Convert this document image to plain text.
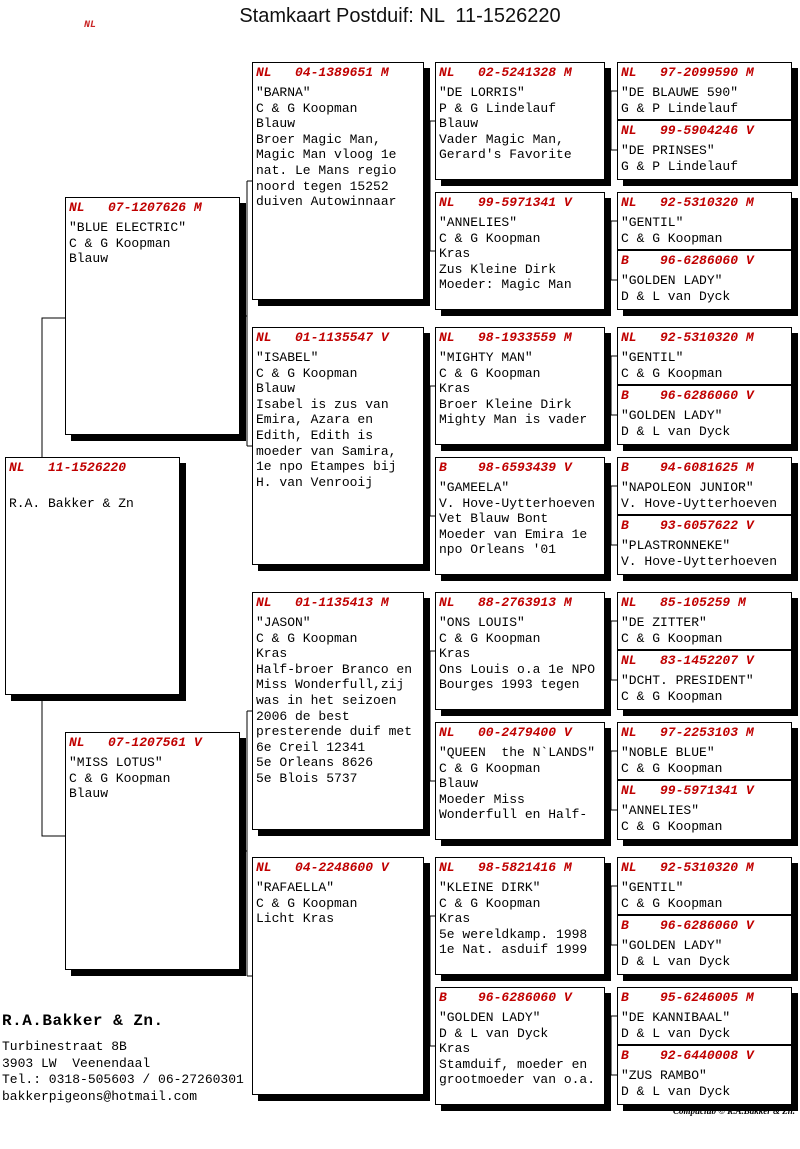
Stamkaart Postduif: NL  11-1526220
NL
NL   11-1526220
R.A. Bakker & Zn
NL   07-1207626 M
"BLUE ELECTRIC"
C & G Koopman
Blauw
NL   07-1207561 V
"MISS LOTUS"
C & G Koopman
Blauw
NL   04-1389651 M
"BARNA"
C & G Koopman
Blauw
Broer Magic Man,
Magic Man vloog 1e
nat. Le Mans regio
noord tegen 15252
duiven Autowinnaar
NL   01-1135547 V
"ISABEL"
C & G Koopman
Blauw
Isabel is zus van
Emira, Azara en
Edith, Edith is
moeder van Samira,
1e npo Etampes bij
H. van Venrooij
NL   01-1135413 M
"JASON"
C & G Koopman
Kras
Half-broer Branco en
Miss Wonderfull,zij
was in het seizoen
2006 de best
presterende duif met
6e Creil 12341
5e Orleans 8626
5e Blois 5737
NL   04-2248600 V
"RAFAELLA"
C & G Koopman
Licht Kras
NL   02-5241328 M
"DE LORRIS"
P & G Lindelauf
Blauw
Vader Magic Man,
Gerard's Favorite
NL   99-5971341 V
"ANNELIES"
C & G Koopman
Kras
Zus Kleine Dirk
Moeder: Magic Man
NL   98-1933559 M
"MIGHTY MAN"
C & G Koopman
Kras
Broer Kleine Dirk
Mighty Man is vader
B    98-6593439 V
"GAMEELA"
V. Hove-Uytterhoeven
Vet Blauw Bont
Moeder van Emira 1e
npo Orleans '01
NL   88-2763913 M
"ONS LOUIS"
C & G Koopman
Kras
Ons Louis o.a 1e NPO
Bourges 1993 tegen
NL   00-2479400 V
"QUEEN  the N`LANDS"
C & G Koopman
Blauw
Moeder Miss
Wonderfull en Half-
NL   98-5821416 M
"KLEINE DIRK"
C & G Koopman
Kras
5e wereldkamp. 1998
1e Nat. asduif 1999
B    96-6286060 V
"GOLDEN LADY"
D & L van Dyck
Kras
Stamduif, moeder en
grootmoeder van o.a.
NL   97-2099590 M
"DE BLAUWE 590"
G & P Lindelauf
NL   99-5904246 V
"DE PRINSES"
G & P Lindelauf
NL   92-5310320 M
"GENTIL"
C & G Koopman
B    96-6286060 V
"GOLDEN LADY"
D & L van Dyck
NL   92-5310320 M
"GENTIL"
C & G Koopman
B    96-6286060 V
"GOLDEN LADY"
D & L van Dyck
B    94-6081625 M
"NAPOLEON JUNIOR"
V. Hove-Uytterhoeven
B    93-6057622 V
"PLASTRONNEKE"
V. Hove-Uytterhoeven
NL   85-105259 M
"DE ZITTER"
C & G Koopman
NL   83-1452207 V
"DCHT. PRESIDENT"
C & G Koopman
NL   97-2253103 M
"NOBLE BLUE"
C & G Koopman
NL   99-5971341 V
"ANNELIES"
C & G Koopman
NL   92-5310320 M
"GENTIL"
C & G Koopman
B    96-6286060 V
"GOLDEN LADY"
D & L van Dyck
B    95-6246005 M
"DE KANNIBAAL"
D & L van Dyck
B    92-6440008 V
"ZUS RAMBO"
D & L van Dyck
R.A.Bakker & Zn.
Turbinestraat 8B
3903 LW  Veenendaal
Tel.: 0318-505603 / 06-27260301
bakkerpigeons@hotmail.com
Compuclub © R.A.Bakker & Zn.
